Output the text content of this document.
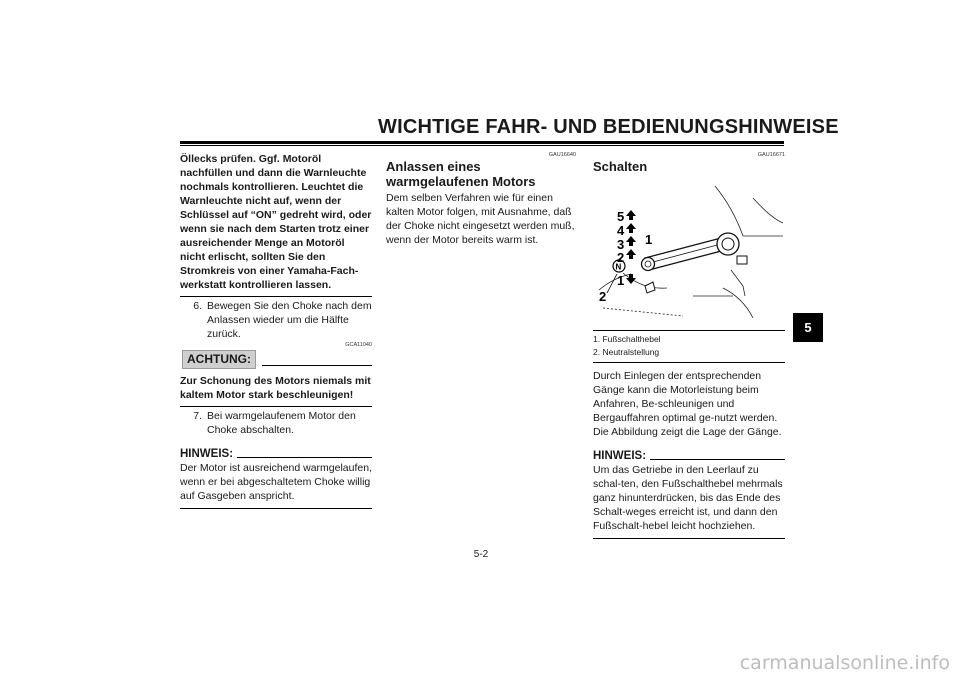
WICHTIGE FAHR- UND BEDIENUNGSHINWEISE
5
Öllecks prüfen. Ggf. Motoröl nachfüllen und dann die Warnleuchte nochmals kontrollieren. Leuchtet die Warnleuchte nicht auf, wenn der Schlüssel auf “ON” gedreht wird, oder wenn sie nach dem Starten trotz einer ausreichender Menge an Motoröl nicht erlischt, sollten Sie den Stromkreis von einer Yamaha-Fach-werkstatt kontrollieren lassen.
6. Bewegen Sie den Choke nach dem Anlassen wieder um die Hälfte zurück.
GCA11040
ACHTUNG:
Zur Schonung des Motors niemals mit kaltem Motor stark beschleunigen!
7. Bei warmgelaufenem Motor den Choke abschalten.
HINWEIS:
Der Motor ist ausreichend warmgelaufen, wenn er bei abgeschaltetem Choke willig auf Gasgeben anspricht.
GAU16640
Anlassen eines warmgelaufenen Motors
Dem selben Verfahren wie für einen kalten Motor folgen, mit Ausnahme, daß der Choke nicht eingesetzt werden muß, wenn der Motor bereits warm ist.
GAU16671
Schalten
5
4
3
2
1
1
2
N
1. Fußschalthebel
2. Neutralstellung
Durch Einlegen der entsprechenden Gänge kann die Motorleistung beim Anfahren, Be-schleunigen und Bergauffahren optimal ge-nutzt werden.
Die Abbildung zeigt die Lage der Gänge.
HINWEIS:
Um das Getriebe in den Leerlauf zu schal-ten, den Fußschalthebel mehrmals ganz hinunterdrücken, bis das Ende des Schalt-weges erreicht ist, und dann den Fußschalt-hebel leicht hochziehen.
5-2
carmanualsonline.info
